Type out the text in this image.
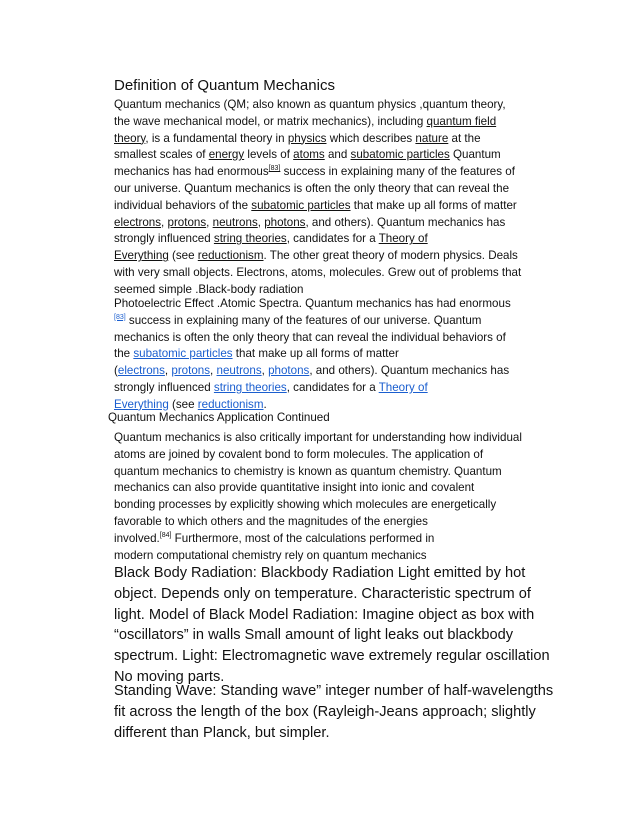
Definition of Quantum Mechanics
Quantum mechanics (QM; also known as quantum physics ,quantum theory,
the wave mechanical model, or matrix mechanics), including quantum field
theory, is a fundamental theory in physics which describes nature at the
smallest scales of energy levels of atoms and subatomic particles Quantum
mechanics has had enormous[83] success in explaining many of the features of
our universe. Quantum mechanics is often the only theory that can reveal the
individual behaviors of the subatomic particles that make up all forms of matter
electrons, protons, neutrons, photons, and others). Quantum mechanics has
strongly influenced string theories, candidates for a Theory of
Everything (see reductionism. The other great theory of modern physics. Deals
with very small objects. Electrons, atoms, molecules. Grew out of problems that
seemed simple .Black-body radiation
Photoelectric Effect .Atomic Spectra. Quantum mechanics has had enormous
[83] success in explaining many of the features of our universe. Quantum
mechanics is often the only theory that can reveal the individual behaviors of
the subatomic particles that make up all forms of matter
(electrons, protons, neutrons, photons, and others). Quantum mechanics has
strongly influenced string theories, candidates for a Theory of
Everything (see reductionism.
Quantum Mechanics Application Continued
Quantum mechanics is also critically important for understanding how individual
atoms are joined by covalent bond to form molecules. The application of
quantum mechanics to chemistry is known as quantum chemistry. Quantum
mechanics can also provide quantitative insight into ionic and covalent
bonding processes by explicitly showing which molecules are energetically
favorable to which others and the magnitudes of the energies
involved.[84] Furthermore, most of the calculations performed in
modern computational chemistry rely on quantum mechanics
Black Body Radiation: Blackbody Radiation Light emitted by hot
object. Depends only on temperature. Characteristic spectrum of
light. Model of Black Model Radiation: Imagine object as box with
“oscillators” in walls Small amount of light leaks out blackbody
spectrum. Light: Electromagnetic wave extremely regular oscillation
No moving parts.
Standing Wave: Standing wave” integer number of half-wavelengths
fit across the length of the box (Rayleigh-Jeans approach; slightly
different than Planck, but simpler.
